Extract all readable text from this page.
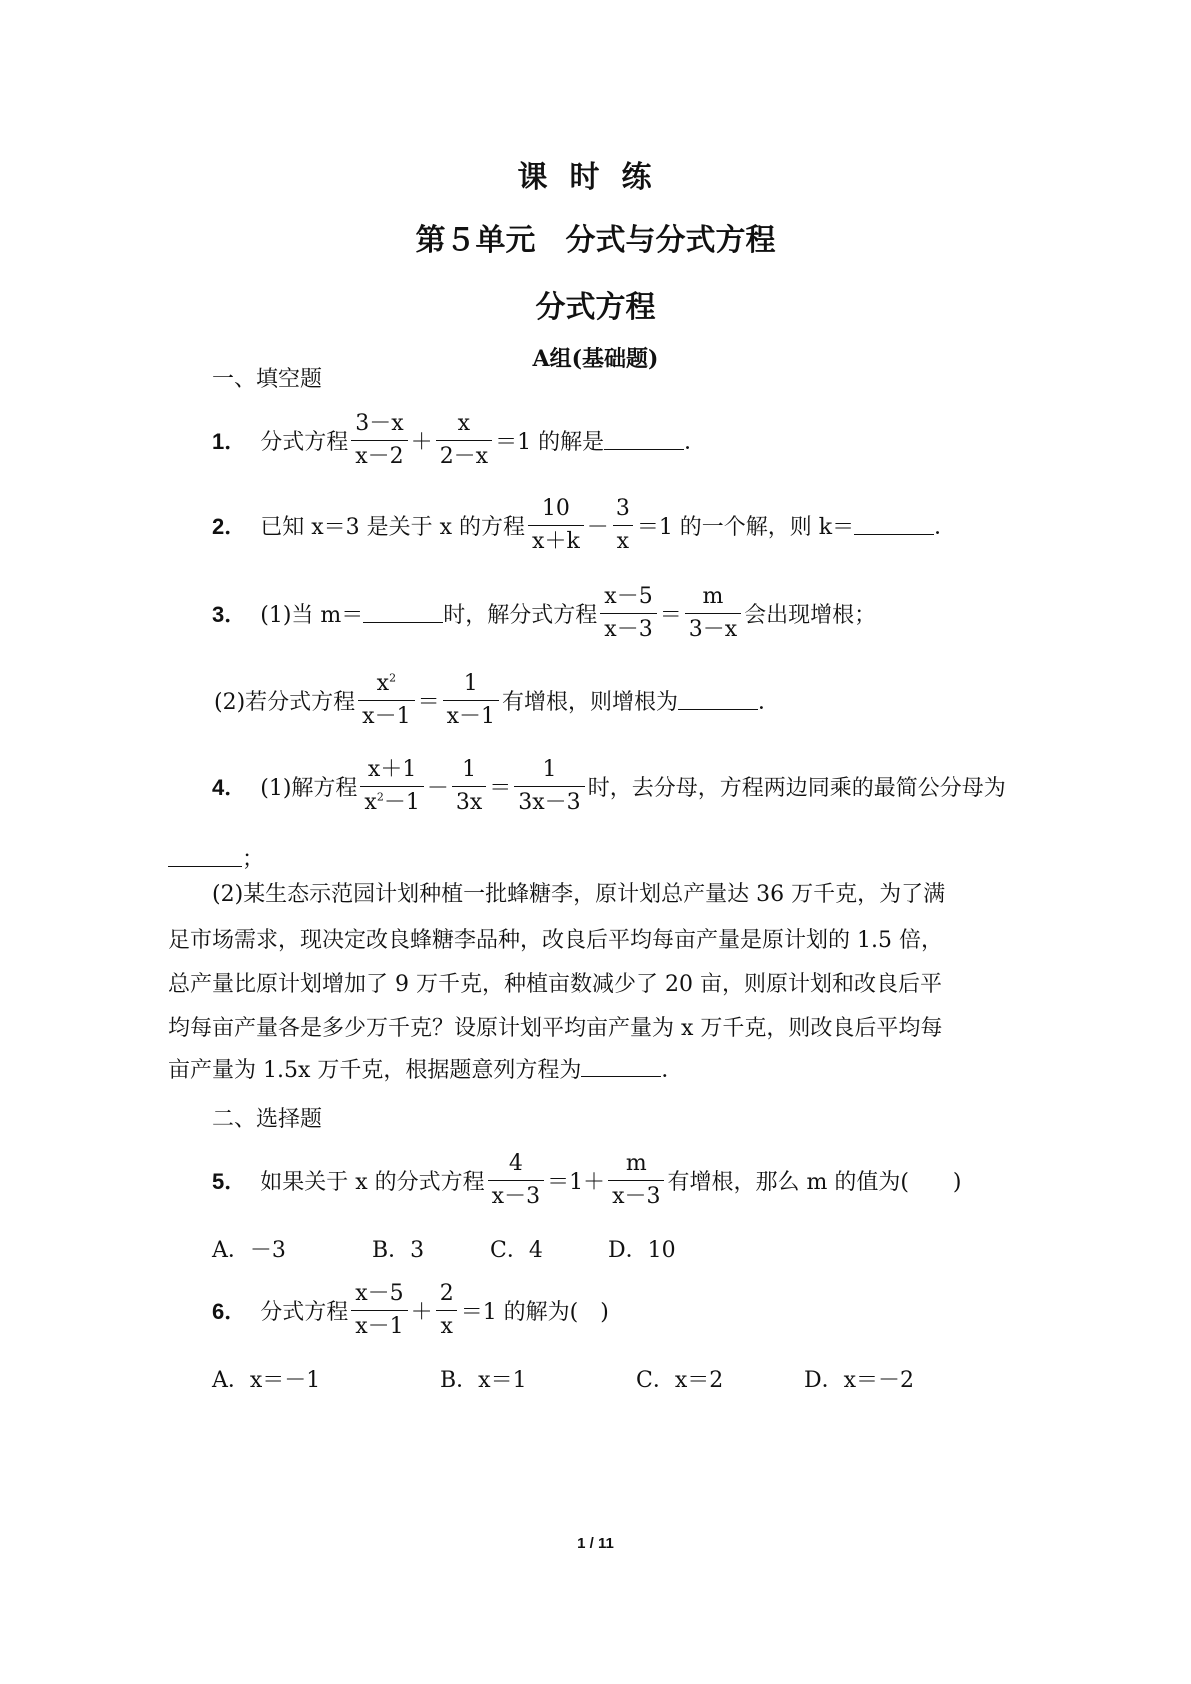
课时练
第５单元　分式与分式方程
分式方程
A组(基础题)
一、填空题
1． 分式方程 $\frac{3-x}{x-2} + \frac{x}{2-x} =1$ 的解是	．
2． 已知 x＝3 是关于 x 的方程 $\frac{10}{x+k} - \frac{3}{x} =1$ 的一个解，则 k＝	．
3． (1)当 m＝	时，解分式方程 $\frac{x-5}{x-3} = \frac{m}{3-x}$ 会出现增根；
(2)若分式方程 $\frac{x^2}{x-1} = \frac{1}{x-1}$ 有增根，则增根为	．
4． (1)解方程 $\frac{x+1}{x^2-1} - \frac{1}{3x} = \frac{1}{3x-3}$ 时，去分母，方程两边同乘的最简公分母为
；
(2)某生态示范园计划种植一批蜂糖李，原计划总产量达 36 万千克，为了满
足市场需求，现决定改良蜂糖李品种，改良后平均每亩产量是原计划的 1.5 倍，
总产量比原计划增加了 9 万千克，种植亩数减少了 20 亩，则原计划和改良后平
均每亩产量各是多少万千克？设原计划平均亩产量为 x 万千克，则改良后平均每
亩产量为 1.5x 万千克，根据题意列方程为	．
二、选择题
5． 如果关于 x 的分式方程 $\frac{4}{x-3} =1+ \frac{m}{x-3}$ 有增根，那么 m 的值为(　　)
A．－3	B．3	C．4	D．10
6． 分式方程 $\frac{x-5}{x-1} + \frac{2}{x} =1$ 的解为(　)
A．x＝－1	B．x＝1	C．x＝2	D．x＝－2
1 / 11
